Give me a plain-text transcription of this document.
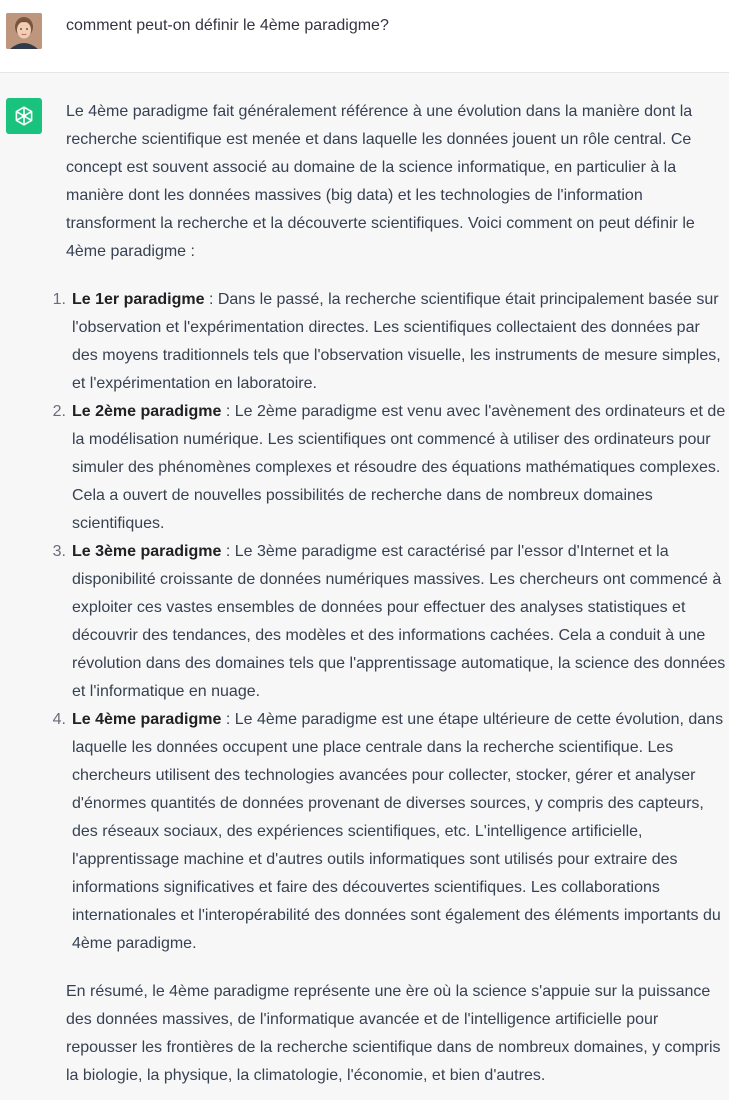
comment peut-on définir le 4ème paradigme?

Le 4ème paradigme fait généralement référence à une évolution dans la manière dont la recherche scientifique est menée et dans laquelle les données jouent un rôle central. Ce concept est souvent associé au domaine de la science informatique, en particulier à la manière dont les données massives (big data) et les technologies de l'information transforment la recherche et la découverte scientifiques. Voici comment on peut définir le 4ème paradigme :

1. Le 1er paradigme : Dans le passé, la recherche scientifique était principalement basée sur l'observation et l'expérimentation directes. Les scientifiques collectaient des données par des moyens traditionnels tels que l'observation visuelle, les instruments de mesure simples, et l'expérimentation en laboratoire.
2. Le 2ème paradigme : Le 2ème paradigme est venu avec l'avènement des ordinateurs et de la modélisation numérique. Les scientifiques ont commencé à utiliser des ordinateurs pour simuler des phénomènes complexes et résoudre des équations mathématiques complexes. Cela a ouvert de nouvelles possibilités de recherche dans de nombreux domaines scientifiques.
3. Le 3ème paradigme : Le 3ème paradigme est caractérisé par l'essor d'Internet et la disponibilité croissante de données numériques massives. Les chercheurs ont commencé à exploiter ces vastes ensembles de données pour effectuer des analyses statistiques et découvrir des tendances, des modèles et des informations cachées. Cela a conduit à une révolution dans des domaines tels que l'apprentissage automatique, la science des données et l'informatique en nuage.
4. Le 4ème paradigme : Le 4ème paradigme est une étape ultérieure de cette évolution, dans laquelle les données occupent une place centrale dans la recherche scientifique. Les chercheurs utilisent des technologies avancées pour collecter, stocker, gérer et analyser d'énormes quantités de données provenant de diverses sources, y compris des capteurs, des réseaux sociaux, des expériences scientifiques, etc. L'intelligence artificielle, l'apprentissage machine et d'autres outils informatiques sont utilisés pour extraire des informations significatives et faire des découvertes scientifiques. Les collaborations internationales et l'interopérabilité des données sont également des éléments importants du 4ème paradigme.

En résumé, le 4ème paradigme représente une ère où la science s'appuie sur la puissance des données massives, de l'informatique avancée et de l'intelligence artificielle pour repousser les frontières de la recherche scientifique dans de nombreux domaines, y compris la biologie, la physique, la climatologie, l'économie, et bien d'autres.
